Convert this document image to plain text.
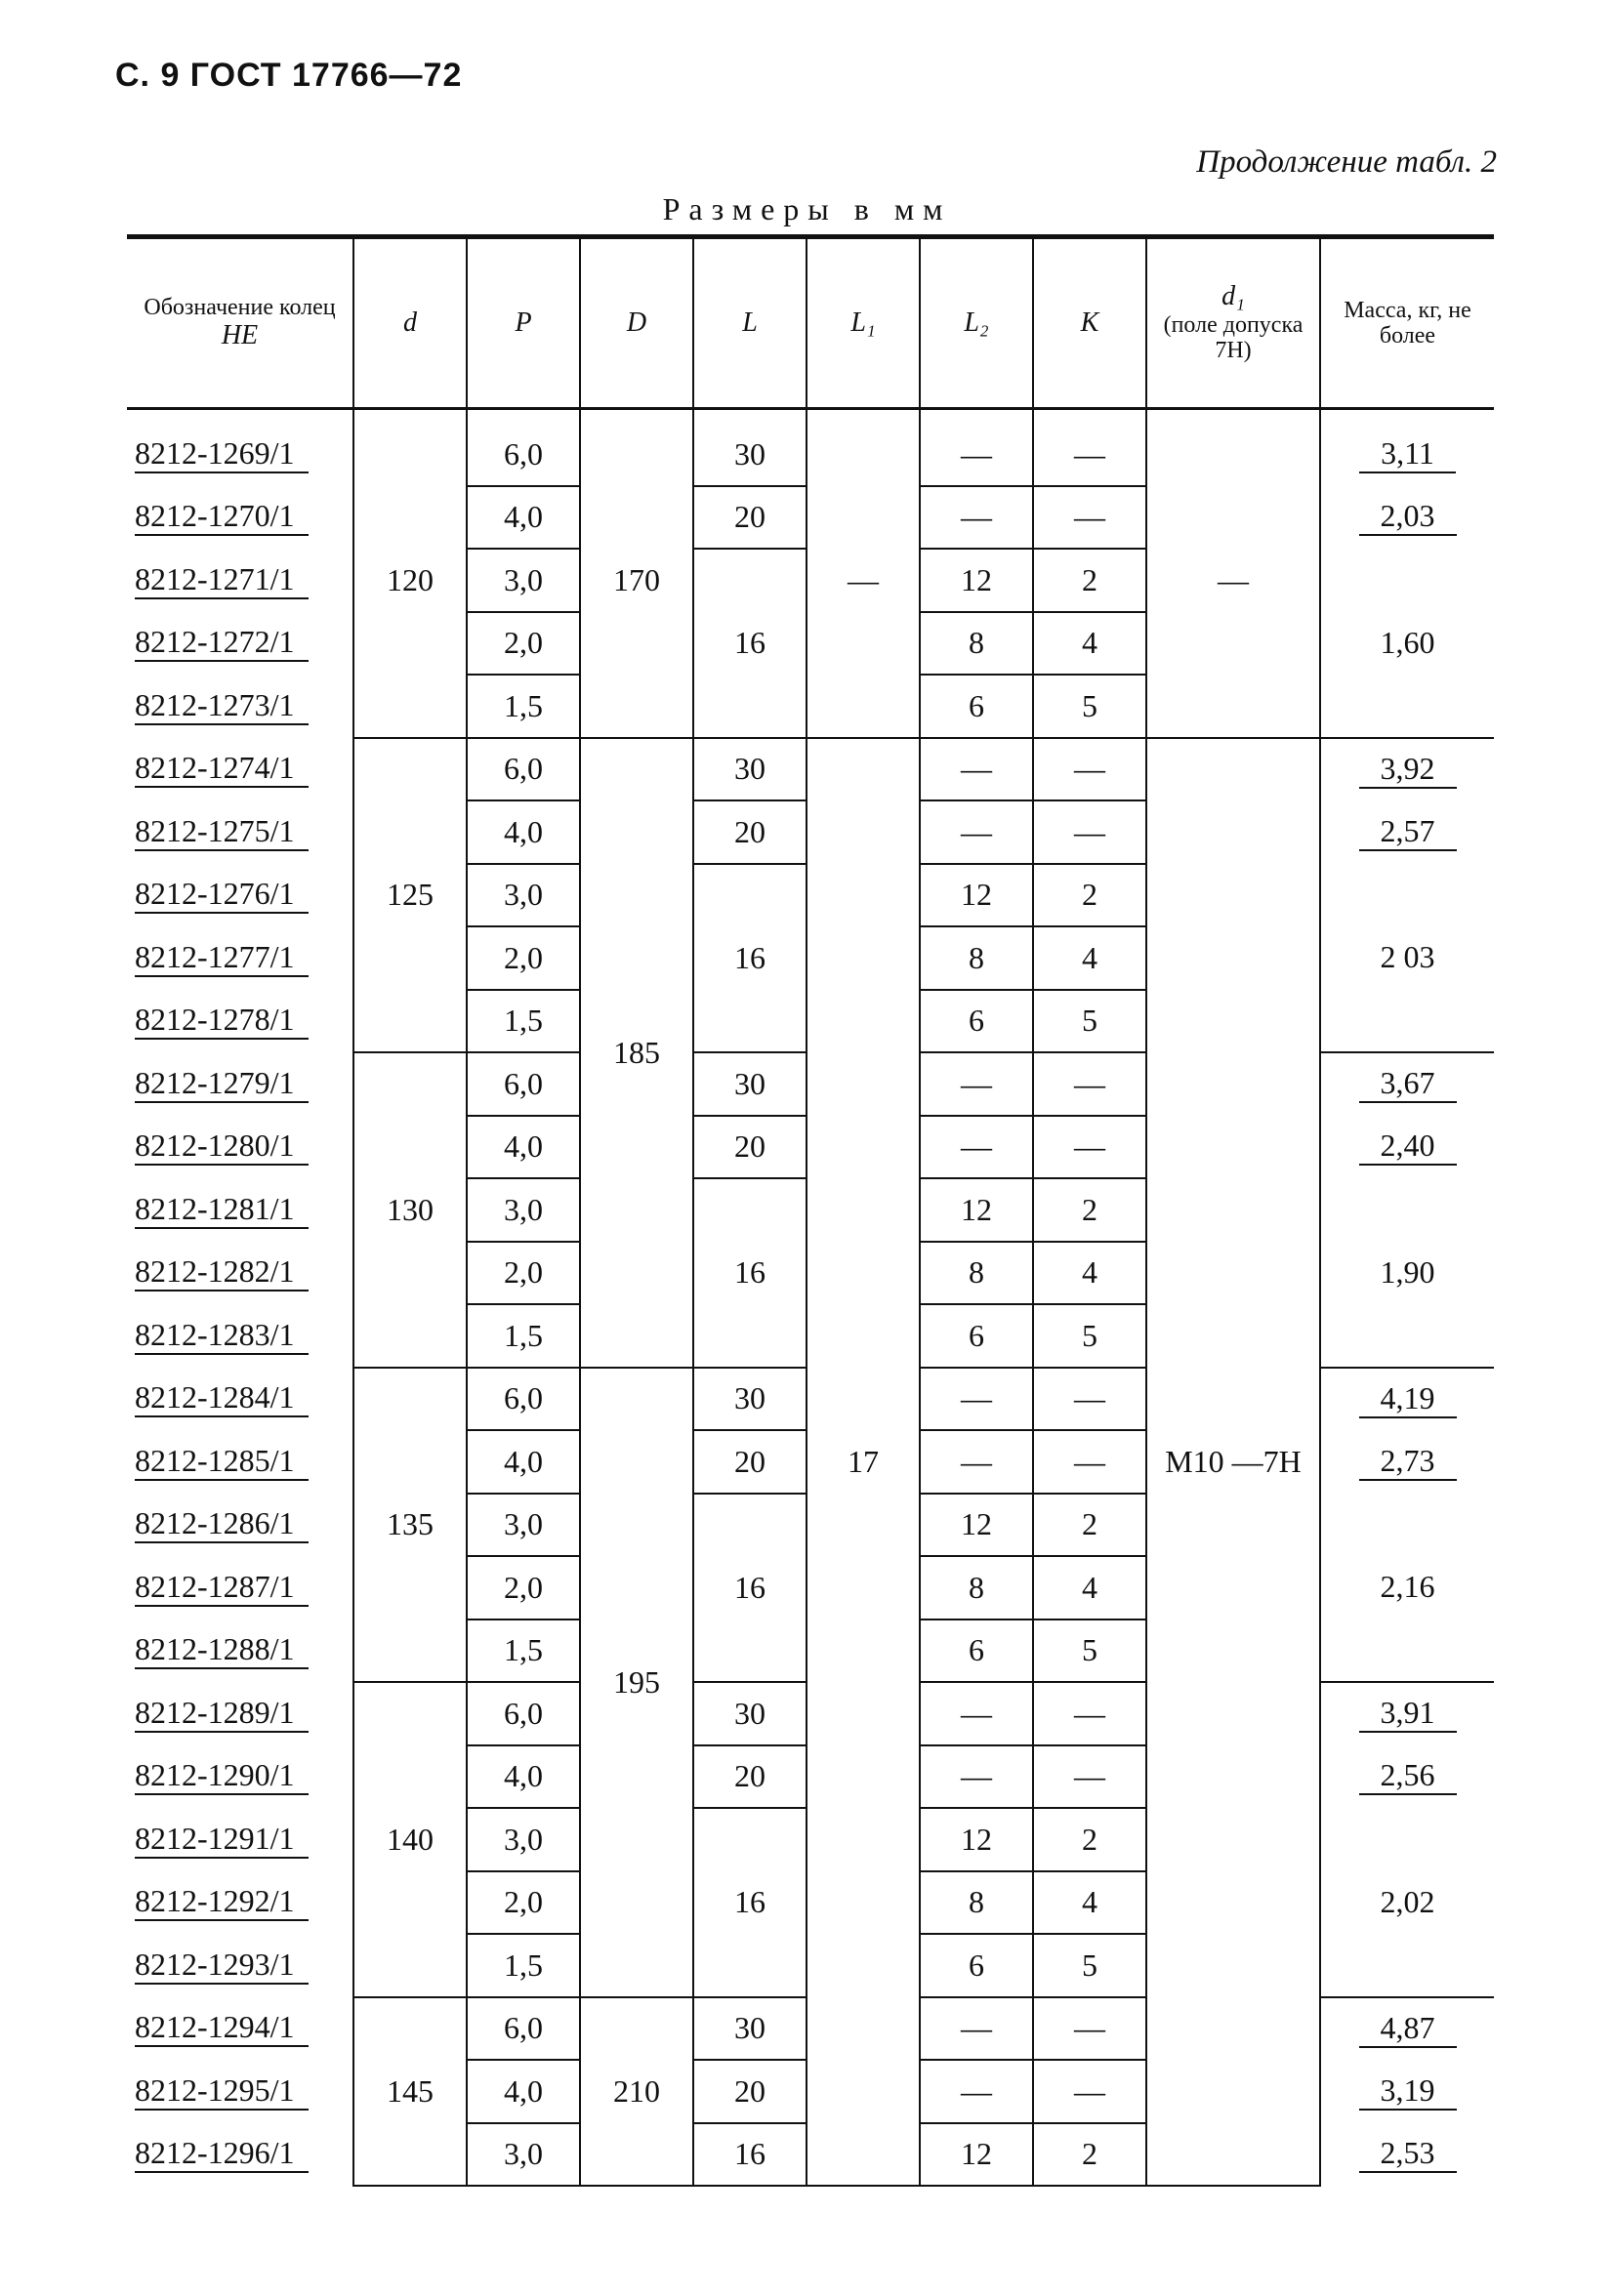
С. 9 ГОСТ 17766—72
Продолжение табл. 2
Размеры в мм
Обозначение колец
НЕ	d	P	D	L	L₁	L₂	K	d₁
(поле допуска 7Н)	Масса, кг, не более
8212-1269/1	120	6,0	170	30	—	—	—	—	3,11
8212-1270/1		4,0		20		—	—		2,03
8212-1271/1		3,0		16		12	2		1,60
8212-1272/1		2,0				8	4		
8212-1273/1		1,5				6	5		
8212-1274/1	125	6,0	185	30	17	—	—	М10 —7Н	3,92
8212-1275/1		4,0		20		—	—		2,57
8212-1276/1		3,0		16		12	2		2 03
8212-1277/1		2,0				8	4		
8212-1278/1		1,5				6	5		
8212-1279/1	130	6,0		30		—	—		3,67
8212-1280/1		4,0		20		—	—		2,40
8212-1281/1		3,0		16		12	2		1,90
8212-1282/1		2,0				8	4		
8212-1283/1		1,5				6	5		
8212-1284/1	135	6,0	195	30		—	—		4,19
8212-1285/1		4,0		20		—	—		2,73
8212-1286/1		3,0		16		12	2		2,16
8212-1287/1		2,0				8	4		
8212-1288/1		1,5				6	5		
8212-1289/1	140	6,0		30		—	—		3,91
8212-1290/1		4,0		20		—	—		2,56
8212-1291/1		3,0		16		12	2		2,02
8212-1292/1		2,0				8	4		
8212-1293/1		1,5				6	5		
8212-1294/1	145	6,0	210	30		—	—		4,87
8212-1295/1		4,0		20		—	—		3,19
8212-1296/1		3,0		16		12	2		2,53
